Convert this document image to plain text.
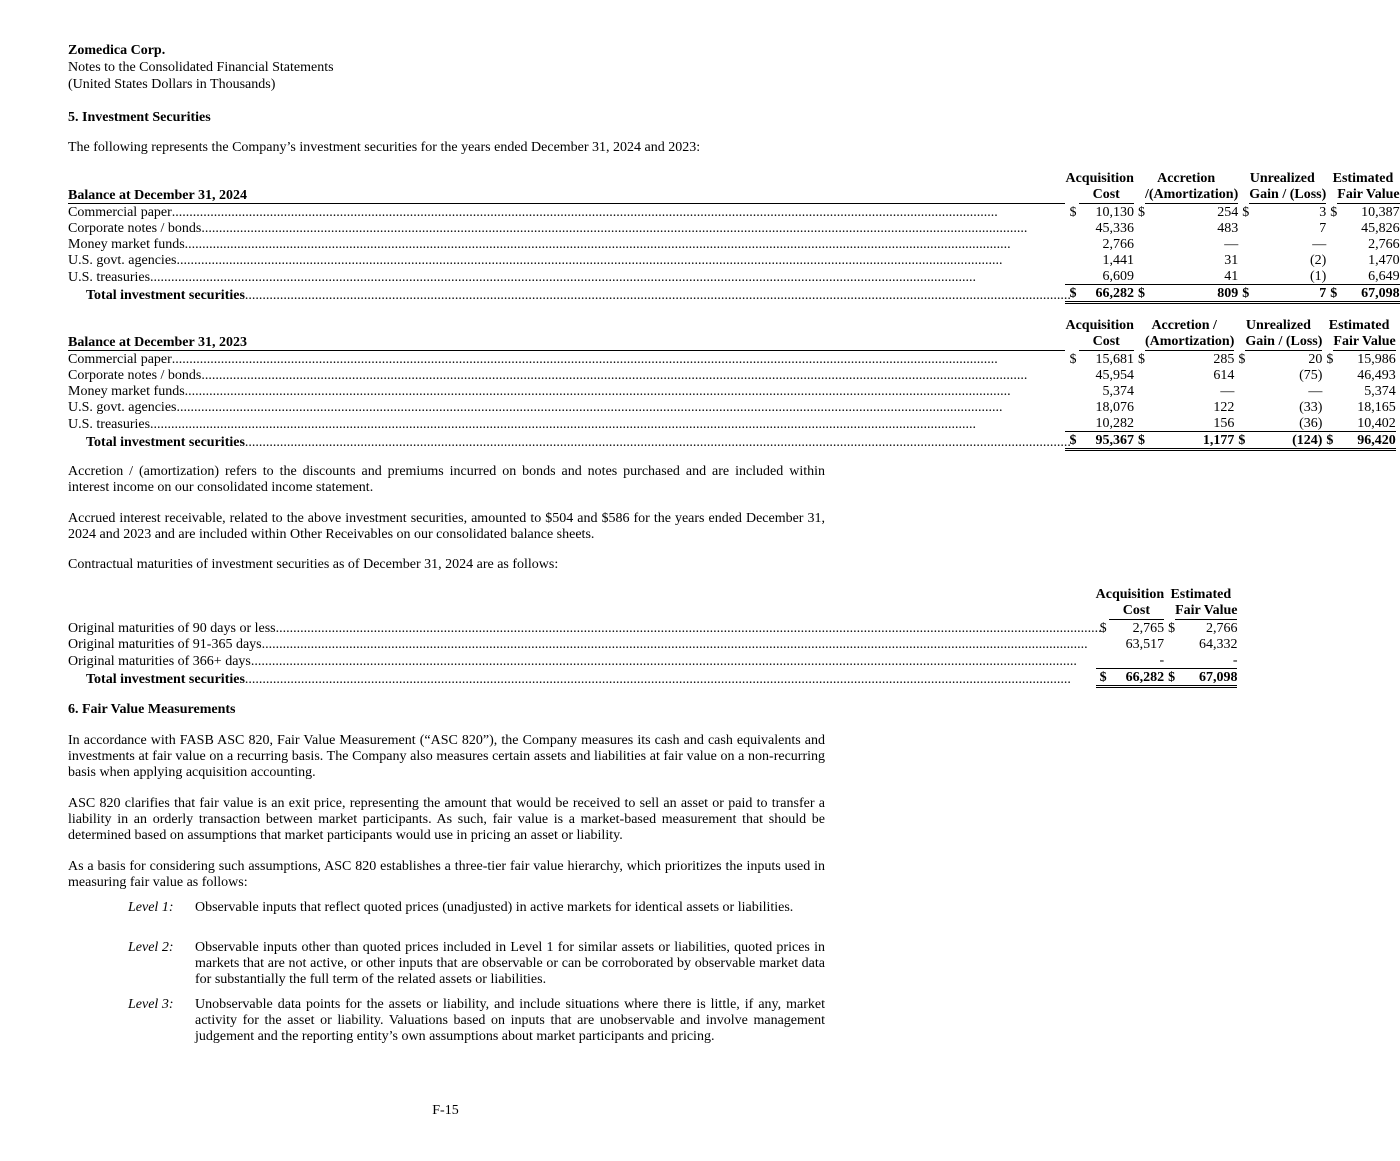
Zomedica Corp.
Notes to the Consolidated Financial Statements
(United States Dollars in Thousands)
5. Investment Securities
The following represents the Company’s investment securities for the years ended December 31, 2024 and 2023:
	Acquisition		Accretion		Unrealized		Estimated	
Balance at December 31, 2024		Cost		/(Amortization)		Gain / (Loss)		Fair Value
Commercial paper.....	$	10,130	$	254	$	3	$	10,387
Corporate notes / bonds.....		45,336		483		7		45,826
Money market funds.....		2,766		—		—		2,766
U.S. govt. agencies.....		1,441		31		(2)		1,470
U.S. treasuries.....		6,609		41		(1)		6,649
Total investment securities.....	$	66,282	$	809	$	7	$	67,098
	Acquisition		Accretion /		Unrealized		Estimated	
Balance at December 31, 2023		Cost		(Amortization)		Gain / (Loss)		Fair Value
Commercial paper.....	$	15,681	$	285	$	20	$	15,986
Corporate notes / bonds.....		45,954		614		(75)		46,493
Money market funds.....		5,374		—		—		5,374
U.S. govt. agencies.....		18,076		122		(33)		18,165
U.S. treasuries.....		10,282		156		(36)		10,402
Total investment securities.....	$	95,367	$	1,177	$	(124)	$	96,420
Accretion / (amortization) refers to the discounts and premiums incurred on bonds and notes purchased and are included within interest income on our consolidated income statement.
Accrued interest receivable, related to the above investment securities, amounted to $504 and $586 for the years ended December 31, 2024 and 2023 and are included within Other Receivables on our consolidated balance sheets.
Contractual maturities of investment securities as of December 31, 2024 are as follows:
	Acquisition		Estimated	
		Cost		Fair Value
Original maturities of 90 days or less.....	$	2,765	$	2,766
Original maturities of 91-365 days.....		63,517		64,332
Original maturities of 366+ days.....		-		-
Total investment securities.....	$	66,282	$	67,098
6. Fair Value Measurements
In accordance with FASB ASC 820, Fair Value Measurement (“ASC 820”), the Company measures its cash and cash equivalents and investments at fair value on a recurring basis. The Company also measures certain assets and liabilities at fair value on a non-recurring basis when applying acquisition accounting.
ASC 820 clarifies that fair value is an exit price, representing the amount that would be received to sell an asset or paid to transfer a liability in an orderly transaction between market participants. As such, fair value is a market-based measurement that should be determined based on assumptions that market participants would use in pricing an asset or liability.
As a basis for considering such assumptions, ASC 820 establishes a three-tier fair value hierarchy, which prioritizes the inputs used in measuring fair value as follows:
Level 1:	Observable inputs that reflect quoted prices (unadjusted) in active markets for identical assets or liabilities.
Level 2:	Observable inputs other than quoted prices included in Level 1 for similar assets or liabilities, quoted prices in markets that are not active, or other inputs that are observable or can be corroborated by observable market data for substantially the full term of the related assets or liabilities.
Level 3:	Unobservable data points for the assets or liability, and include situations where there is little, if any, market activity for the asset or liability. Valuations based on inputs that are unobservable and involve management judgement and the reporting entity’s own assumptions about market participants and pricing.
F-15
